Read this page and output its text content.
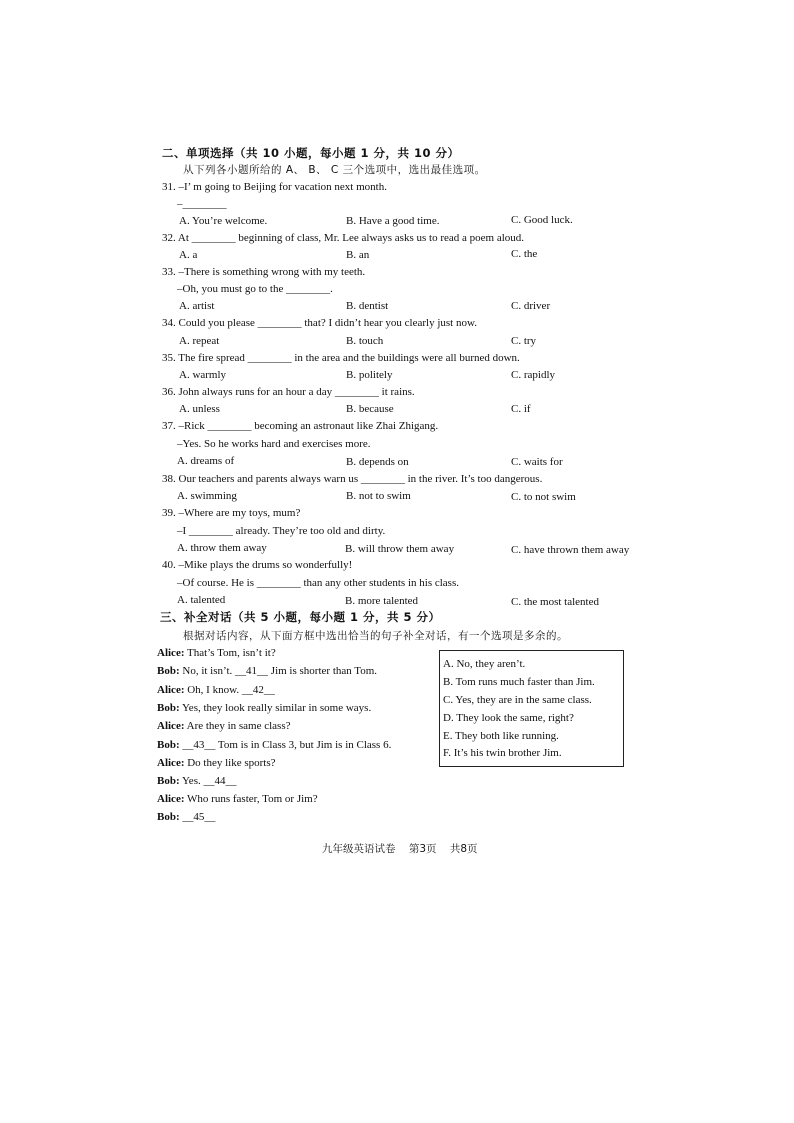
二、单项选择（共 10 小题，每小题 1 分，共 10 分）
从下列各小题所给的 A、 B、 C 三个选项中，选出最佳选项。
31. –I’ m going to Beijing for vacation next month.
–________
A. You’re welcome.	B. Have a good time.	C. Good luck.
32. At ________ beginning of class, Mr. Lee always asks us to read a poem aloud.
A. a	B. an	C. the
33. –There is something wrong with my teeth.
–Oh, you must go to the ________.
A. artist	B. dentist	C. driver
34. Could you please ________ that? I didn’t hear you clearly just now.
A. repeat	B. touch	C. try
35. The fire spread ________ in the area and the buildings were all burned down.
A. warmly	B. politely	C. rapidly
36. John always runs for an hour a day ________ it rains.
A. unless	B. because	C. if
37. –Rick ________ becoming an astronaut like Zhai Zhigang.
–Yes. So he works hard and exercises more.
A. dreams of	B. depends on	C. waits for
38. Our teachers and parents always warn us ________ in the river. It’s too dangerous.
A. swimming	B. not to swim	C. to not swim
39. –Where are my toys, mum?
–I ________ already. They’re too old and dirty.
A. throw them away	B. will throw them away	C. have thrown them away
40. –Mike plays the drums so wonderfully!
–Of course. He is ________ than any other students in his class.
A. talented	B. more talented	C. the most talented
三、补全对话（共 5 小题，每小题 1 分，共 5 分）
根据对话内容，从下面方框中选出恰当的句子补全对话，有一个选项是多余的。
Alice: That’s Tom, isn’t it?
Bob: No, it isn’t. __41__ Jim is shorter than Tom.
Alice: Oh, I know. __42__
Bob: Yes, they look really similar in some ways.
Alice: Are they in same class?
Bob: __43__ Tom is in Class 3, but Jim is in Class 6.
Alice: Do they like sports?
Bob: Yes. __44__
Alice: Who runs faster, Tom or Jim?
Bob: __45__
A. No, they aren’t.
B. Tom runs much faster than Jim.
C. Yes, they are in the same class.
D. They look the same, right?
E. They both like running.
F. It’s his twin brother Jim.
九年级英语试卷    第3页    共8页
